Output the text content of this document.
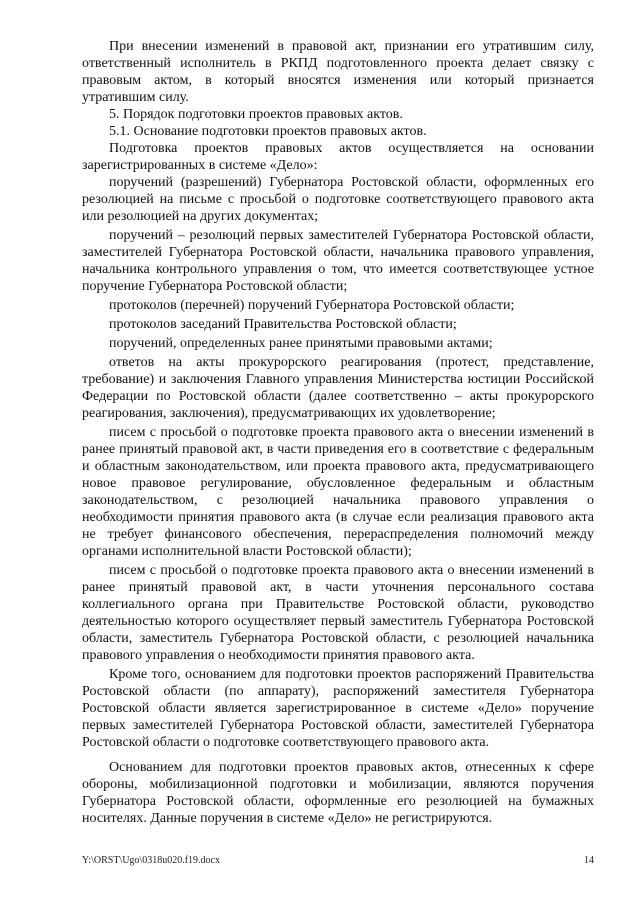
При внесении изменений в правовой акт, признании его утратившим силу, ответственный исполнитель в РКПД подготовленного проекта делает связку с правовым актом, в который вносятся изменения или который признается утратившим силу.

5. Порядок подготовки проектов правовых актов.

5.1. Основание подготовки проектов правовых актов.

Подготовка проектов правовых актов осуществляется на основании зарегистрированных в системе «Дело»:

поручений (разрешений) Губернатора Ростовской области, оформленных его резолюцией на письме с просьбой о подготовке соответствующего правового акта или резолюцией на других документах;

поручений – резолюций первых заместителей Губернатора Ростовской области, заместителей Губернатора Ростовской области, начальника правового управления, начальника контрольного управления о том, что имеется соответствующее устное поручение Губернатора Ростовской области;

протоколов (перечней) поручений Губернатора Ростовской области;

протоколов заседаний Правительства Ростовской области;

поручений, определенных ранее принятыми правовыми актами;

ответов на акты прокурорского реагирования (протест, представление, требование) и заключения Главного управления Министерства юстиции Российской Федерации по Ростовской области (далее соответственно – акты прокурорского реагирования, заключения), предусматривающих их удовлетворение;

писем с просьбой о подготовке проекта правового акта о внесении изменений в ранее принятый правовой акт, в части приведения его в соответствие с федеральным и областным законодательством, или проекта правового акта, предусматривающего новое правовое регулирование, обусловленное федеральным и областным законодательством, с резолюцией начальника правового управления о необходимости принятия правового акта (в случае если реализация правового акта не требует финансового обеспечения, перераспределения полномочий между органами исполнительной власти Ростовской области);

писем с просьбой о подготовке проекта правового акта о внесении изменений в ранее принятый правовой акт, в части уточнения персонального состава коллегиального органа при Правительстве Ростовской области, руководство деятельностью которого осуществляет первый заместитель Губернатора Ростовской области, заместитель Губернатора Ростовской области, с резолюцией начальника правового управления о необходимости принятия правового акта.

Кроме того, основанием для подготовки проектов распоряжений Правительства Ростовской области (по аппарату), распоряжений заместителя Губернатора Ростовской области является зарегистрированное в системе «Дело» поручение первых заместителей Губернатора Ростовской области, заместителей Губернатора Ростовской области о подготовке соответствующего правового акта.

Основанием для подготовки проектов правовых актов, отнесенных к сфере обороны, мобилизационной подготовки и мобилизации, являются поручения Губернатора Ростовской области, оформленные его резолюцией на бумажных носителях. Данные поручения в системе «Дело» не регистрируются.

Y:\ORST\Ugo\0318u020.f19.docx	14
